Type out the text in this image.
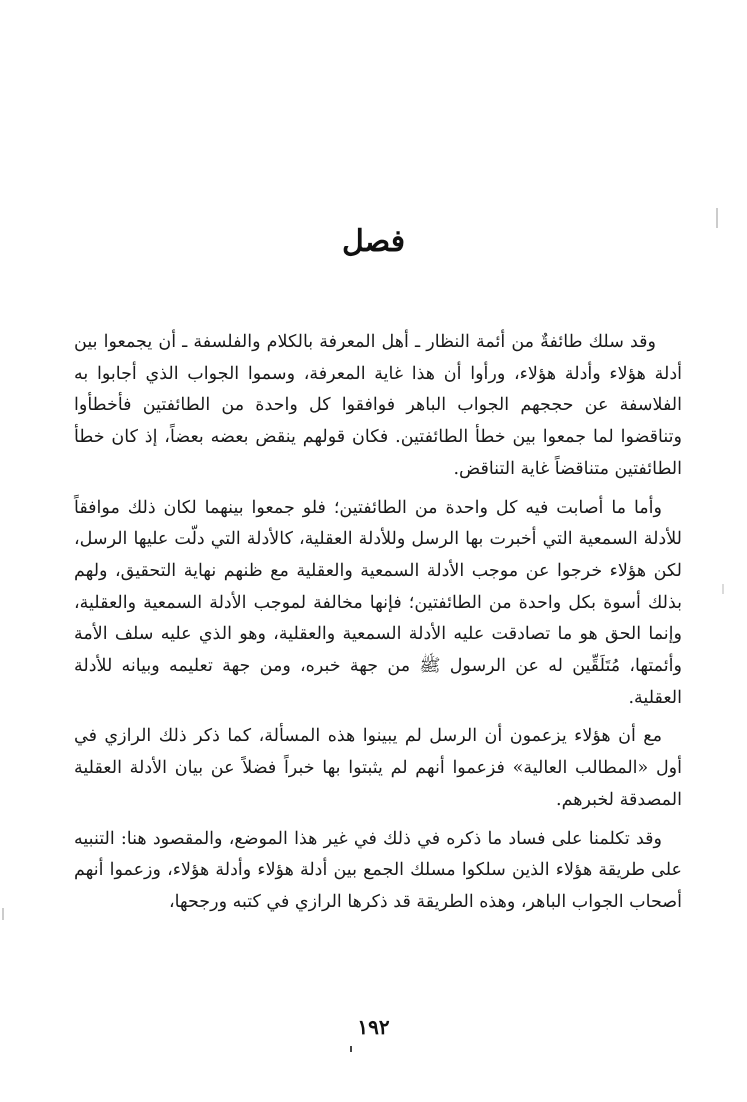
فصل

وقد سلك طائفةٌ من أئمة النظار ـ أهل المعرفة بالكلام والفلسفة ـ أن يجمعوا بين أدلة هؤلاء وأدلة هؤلاء، ورأوا أن هذا غاية المعرفة، وسموا الجواب الذي أجابوا به الفلاسفة عن حججهم الجواب الباهر فوافقوا كل واحدة من الطائفتين فأخطأوا وتناقضوا لما جمعوا بين خطأ الطائفتين. فكان قولهم ينقض بعضه بعضاً، إذ كان خطأ الطائفتين متناقضاً غاية التناقض.

وأما ما أصابت فيه كل واحدة من الطائفتين؛ فلو جمعوا بينهما لكان ذلك موافقاً للأدلة السمعية التي أخبرت بها الرسل وللأدلة العقلية، كالأدلة التي دلّت عليها الرسل، لكن هؤلاء خرجوا عن موجب الأدلة السمعية والعقلية مع ظنهم نهاية التحقيق، ولهم بذلك أسوة بكل واحدة من الطائفتين؛ فإنها مخالفة لموجب الأدلة السمعية والعقلية، وإنما الحق هو ما تصادقت عليه الأدلة السمعية والعقلية، وهو الذي عليه سلف الأمة وأئمتها، مُتَلَقِّين له عن الرسول ﷺ من جهة خبره، ومن جهة تعليمه وبيانه للأدلة العقلية.

مع أن هؤلاء يزعمون أن الرسل لم يبينوا هذه المسألة، كما ذكر ذلك الرازي في أول «المطالب العالية» فزعموا أنهم لم يثبتوا بها خبراً فضلاً عن بيان الأدلة العقلية المصدقة لخبرهم.

وقد تكلمنا على فساد ما ذكره في ذلك في غير هذا الموضع، والمقصود هنا: التنبيه على طريقة هؤلاء الذين سلكوا مسلك الجمع بين أدلة هؤلاء وأدلة هؤلاء، وزعموا أنهم أصحاب الجواب الباهر، وهذه الطريقة قد ذكرها الرازي في كتبه ورجحها،

١٩٢
